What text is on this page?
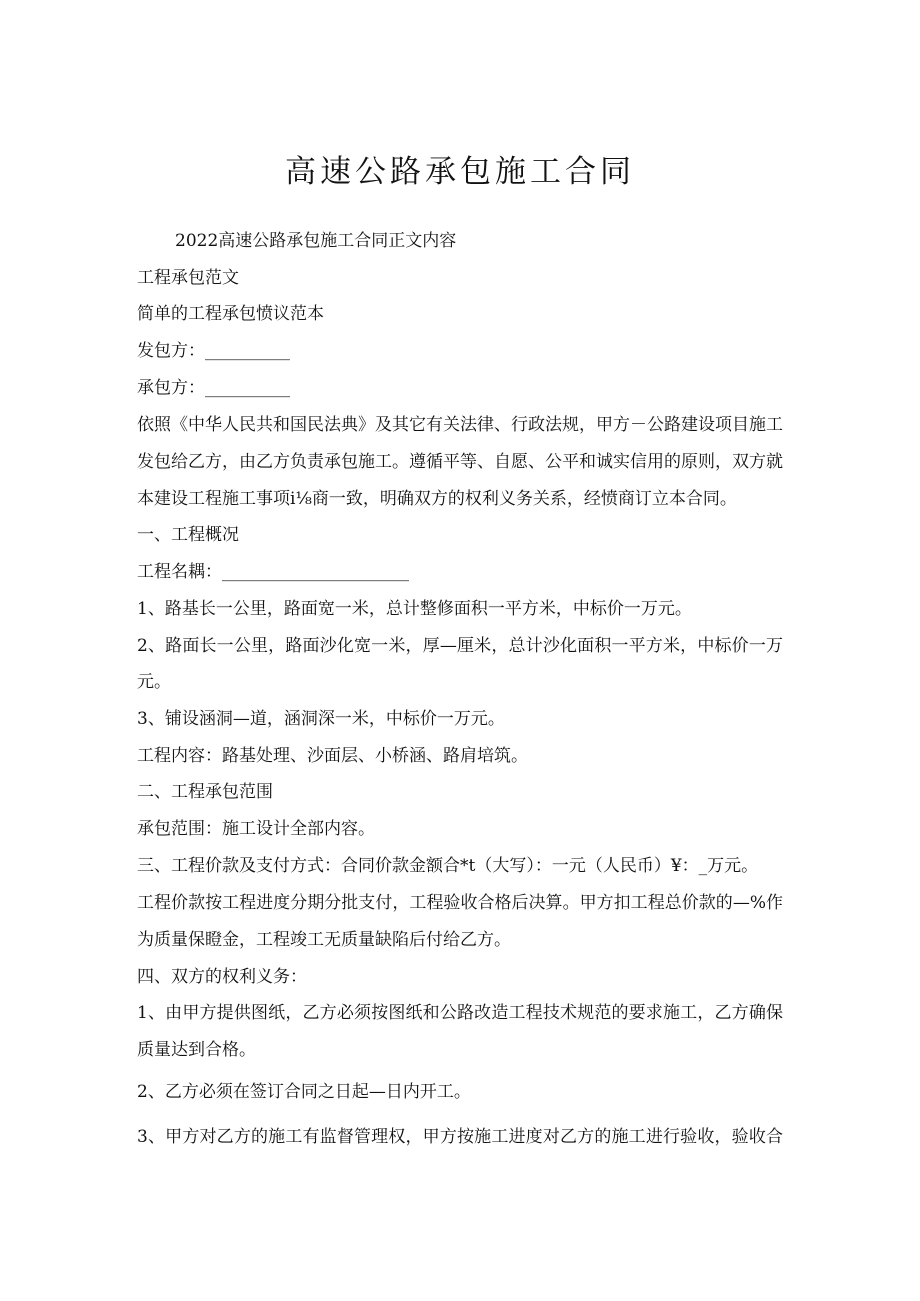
高速公路承包施工合同
2022高速公路承包施工合同正文内容
工程承包范文
简单的工程承包愤议范本
发包方：__________
承包方：__________
依照《中华人民共和国民法典》及其它有关法律、行政法规，甲方－公路建设项目施工
发包给乙方，由乙方负责承包施工。遵循平等、自愿、公平和诚实信用的原则，双方就
本建设工程施工事项i⅛商一致，明确双方的权利义务关系，经愤商订立本合同。
一、工程概况
工程名耦：______________________
1、路基长一公里，路面宽一米，总计整修面积一平方米，中标价一万元。
2、路面长一公里，路面沙化宽一米，厚—厘米，总计沙化面积一平方米，中标价一万
元。
3、铺设涵洞—道，涵洞深一米，中标价一万元。
工程内容：路基处理、沙面层、小桥涵、路肩培筑。
二、工程承包范围
承包范围：施工设计全部内容。
三、工程价款及支付方式：合同价款金额合*t（大写）：一元（人民币）¥：_万元。
工程价款按工程进度分期分批支付，工程验收合格后决算。甲方扣工程总价款的—%作
为质量保瞪金，工程竣工无质量缺陷后付给乙方。
四、双方的权利义务：
1、由甲方提供图纸，乙方必须按图纸和公路改造工程技术规范的要求施工，乙方确保
质量达到合格。
2、乙方必须在签订合同之日起—日内开工。
3、甲方对乙方的施工有监督管理权，甲方按施工进度对乙方的施工进行验收，验收合
